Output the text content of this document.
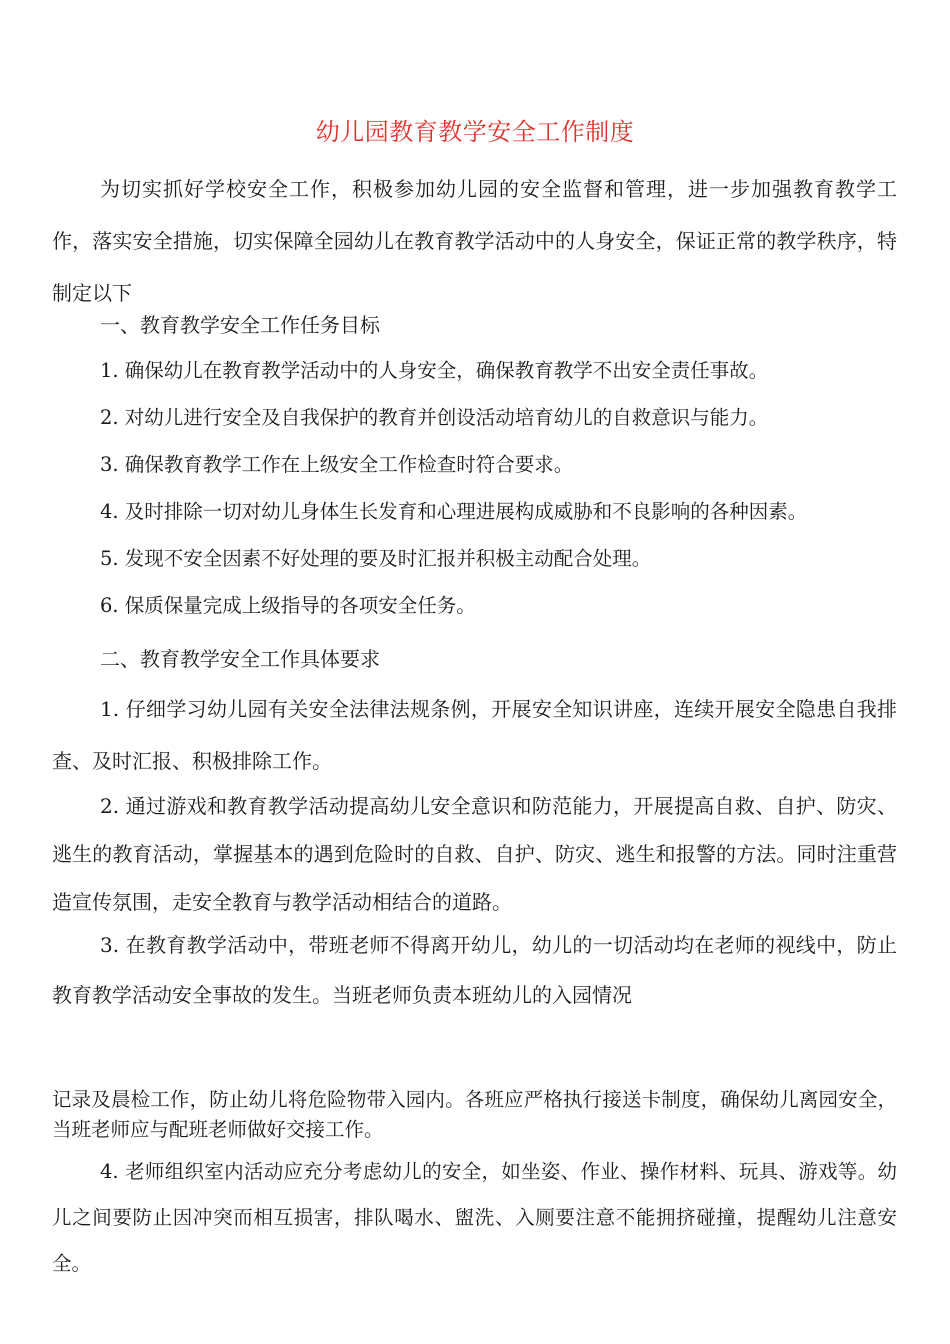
幼儿园教育教学安全工作制度
为切实抓好学校安全工作，积极参加幼儿园的安全监督和管理，进一步加强教育教学工作，落实安全措施，切实保障全园幼儿在教育教学活动中的人身安全，保证正常的教学秩序，特制定以下
一、教育教学安全工作任务目标
1. 确保幼儿在教育教学活动中的人身安全，确保教育教学不出安全责任事故。
2. 对幼儿进行安全及自我保护的教育并创设活动培育幼儿的自救意识与能力。
3. 确保教育教学工作在上级安全工作检查时符合要求。
4. 及时排除一切对幼儿身体生长发育和心理进展构成威胁和不良影响的各种因素。
5. 发现不安全因素不好处理的要及时汇报并积极主动配合处理。
6. 保质保量完成上级指导的各项安全任务。
二、教育教学安全工作具体要求
1. 仔细学习幼儿园有关安全法律法规条例，开展安全知识讲座，连续开展安全隐患自我排查、及时汇报、积极排除工作。
2. 通过游戏和教育教学活动提高幼儿安全意识和防范能力，开展提高自救、自护、防灾、逃生的教育活动，掌握基本的遇到危险时的自救、自护、防灾、逃生和报警的方法。同时注重营造宣传氛围，走安全教育与教学活动相结合的道路。
3. 在教育教学活动中，带班老师不得离开幼儿，幼儿的一切活动均在老师的视线中，防止教育教学活动安全事故的发生。当班老师负责本班幼儿的入园情况
记录及晨检工作，防止幼儿将危险物带入园内。各班应严格执行接送卡制度，确保幼儿离园安全，当班老师应与配班老师做好交接工作。
4. 老师组织室内活动应充分考虑幼儿的安全，如坐姿、作业、操作材料、玩具、游戏等。幼儿之间要防止因冲突而相互损害，排队喝水、盥洗、入厕要注意不能拥挤碰撞，提醒幼儿注意安全。
